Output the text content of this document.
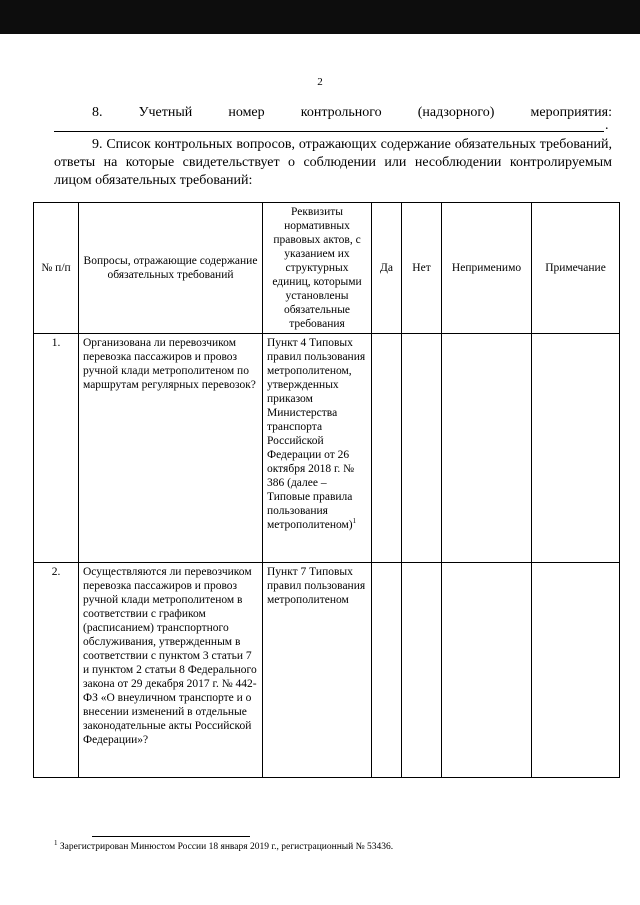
2
8.	Учетный	номер	контрольного	(надзорного)	мероприятия:
.
9. Список контрольных вопросов, отражающих содержание обязательных требований, ответы на которые свидетельствует о соблюдении или несоблюдении контролируемым лицом обязательных требований:
№ п/п	Вопросы, отражающие содержание обязательных требований	Реквизиты нормативных правовых актов, с указанием их структурных единиц, которыми установлены обязательные требования	Да	Нет	Неприменимо	Примечание
1.	Организована ли перевозчиком перевозка пассажиров и провоз ручной клади метрополитеном по маршрутам регулярных перевозок?	Пункт 4 Типовых правил пользования метрополитеном, утвержденных приказом Министерства транспорта Российской Федерации от 26 октября 2018 г. № 386 (далее – Типовые правила пользования метрополитеном)$^1$				
2.	Осуществляются ли перевозчиком перевозка пассажиров и провоз ручной клади метрополитеном в соответствии с графиком (расписанием) транспортного обслуживания, утвержденным в соответствии с пунктом 3 статьи 7 и пунктом 2 статьи 8 Федерального закона от 29 декабря 2017 г. № 442-ФЗ «О внеуличном транспорте и о внесении изменений в отдельные законодательные акты Российской Федерации»?	Пункт 7 Типовых правил пользования метрополитеном				
$^1$ Зарегистрирован Минюстом России 18 января 2019 г., регистрационный № 53436.
